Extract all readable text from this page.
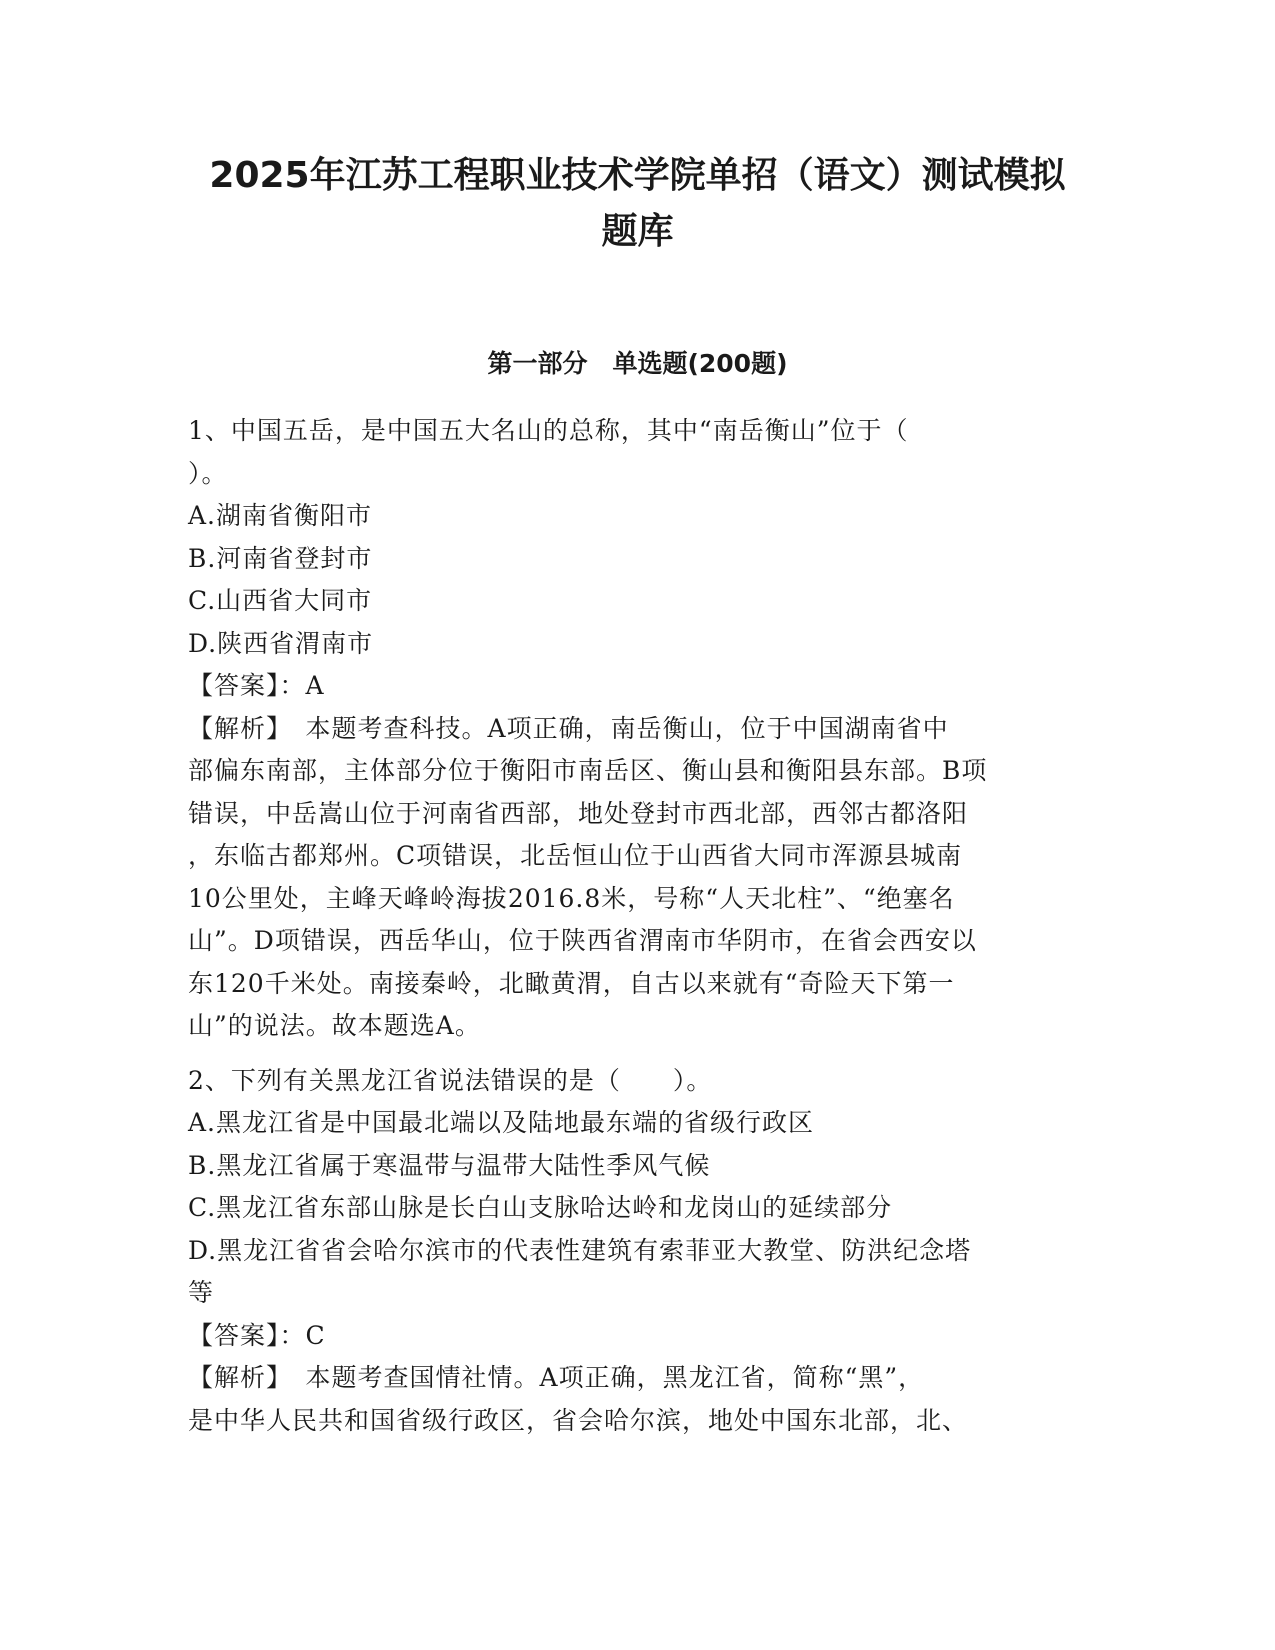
2025年江苏工程职业技术学院单招（语文）测试模拟
题库
第一部分　单选题(200题)
1、中国五岳，是中国五大名山的总称，其中“南岳衡山”位于（
）。
A.湖南省衡阳市
B.河南省登封市
C.山西省大同市
D.陕西省渭南市
【答案】：A
【解析】　本题考查科技。A项正确，南岳衡山，位于中国湖南省中
部偏东南部，主体部分位于衡阳市南岳区、衡山县和衡阳县东部。B项
错误，中岳嵩山位于河南省西部，地处登封市西北部，西邻古都洛阳
，东临古都郑州。C项错误，北岳恒山位于山西省大同市浑源县城南
10公里处，主峰天峰岭海拔2016.8米，号称“人天北柱”、“绝塞名
山”。D项错误，西岳华山，位于陕西省渭南市华阴市，在省会西安以
东120千米处。南接秦岭，北瞰黄渭，自古以来就有“奇险天下第一
山”的说法。故本题选A。
2、下列有关黑龙江省说法错误的是（　　）。
A.黑龙江省是中国最北端以及陆地最东端的省级行政区
B.黑龙江省属于寒温带与温带大陆性季风气候
C.黑龙江省东部山脉是长白山支脉哈达岭和龙岗山的延续部分
D.黑龙江省省会哈尔滨市的代表性建筑有索菲亚大教堂、防洪纪念塔
等
【答案】：C
【解析】　本题考查国情社情。A项正确，黑龙江省，简称“黑”，
是中华人民共和国省级行政区，省会哈尔滨，地处中国东北部，北、
